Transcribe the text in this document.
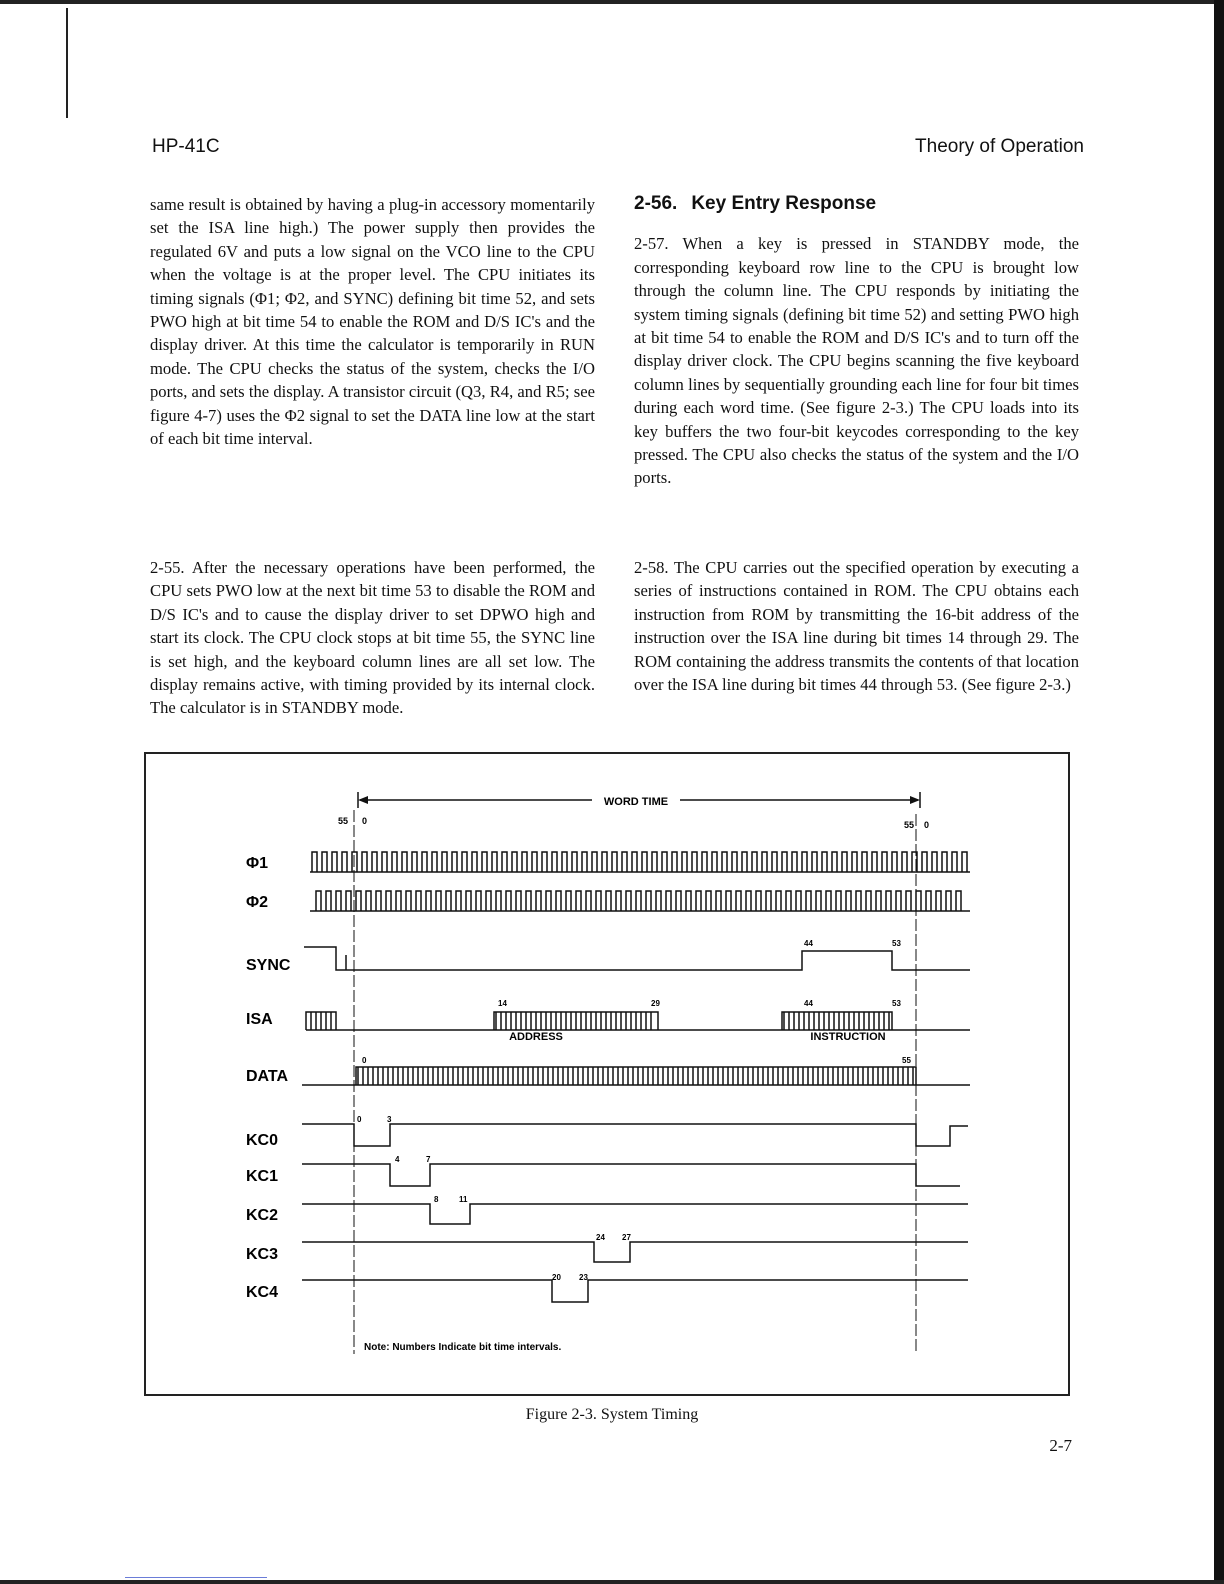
HP-41C	Theory of Operation

same result is obtained by having a plug-in accessory momentarily set the ISA line high.) The power supply then provides the regulated 6V and puts a low signal on the VCO line to the CPU when the voltage is at the proper level. The CPU initiates its timing signals (Φ1; Φ2, and SYNC) defining bit time 52, and sets PWO high at bit time 54 to enable the ROM and D/S IC's and the display driver. At this time the calculator is temporarily in RUN mode. The CPU checks the status of the system, checks the I/O ports, and sets the display. A transistor circuit (Q3, R4, and R5; see figure 4-7) uses the Φ2 signal to set the DATA line low at the start of each bit time interval.

2-55. After the necessary operations have been performed, the CPU sets PWO low at the next bit time 53 to disable the ROM and D/S IC's and to cause the display driver to set DPWO high and start its clock. The CPU clock stops at bit time 55, the SYNC line is set high, and the keyboard column lines are all set low. The display remains active, with timing provided by its internal clock. The calculator is in STANDBY mode.

2-56. Key Entry Response

2-57. When a key is pressed in STANDBY mode, the corresponding keyboard row line to the CPU is brought low through the column line. The CPU responds by initiating the system timing signals (defining bit time 52) and setting PWO high at bit time 54 to enable the ROM and D/S IC's and to turn off the display driver clock. The CPU begins scanning the five keyboard column lines by sequentially grounding each line for four bit times during each word time. (See figure 2-3.) The CPU loads into its key buffers the two four-bit keycodes corresponding to the key pressed. The CPU also checks the status of the system and the I/O ports.

2-58. The CPU carries out the specified operation by executing a series of instructions contained in ROM. The CPU obtains each instruction from ROM by transmitting the 16-bit address of the instruction over the ISA line during bit times 14 through 29. The ROM containing the address transmits the contents of that location over the ISA line during bit times 44 through 53. (See figure 2-3.)

WORD TIME
55 0	55 0
Φ1
Φ2
SYNC
ISA
DATA
KC0
KC1
KC2
KC3
KC4
44	53
14	29	44	53
0	55
0	3
4	7
8	11
24 27
20 23
ADDRESS	INSTRUCTION
Note: Numbers Indicate bit time intervals.
Figure 2-3. System Timing
2-7
